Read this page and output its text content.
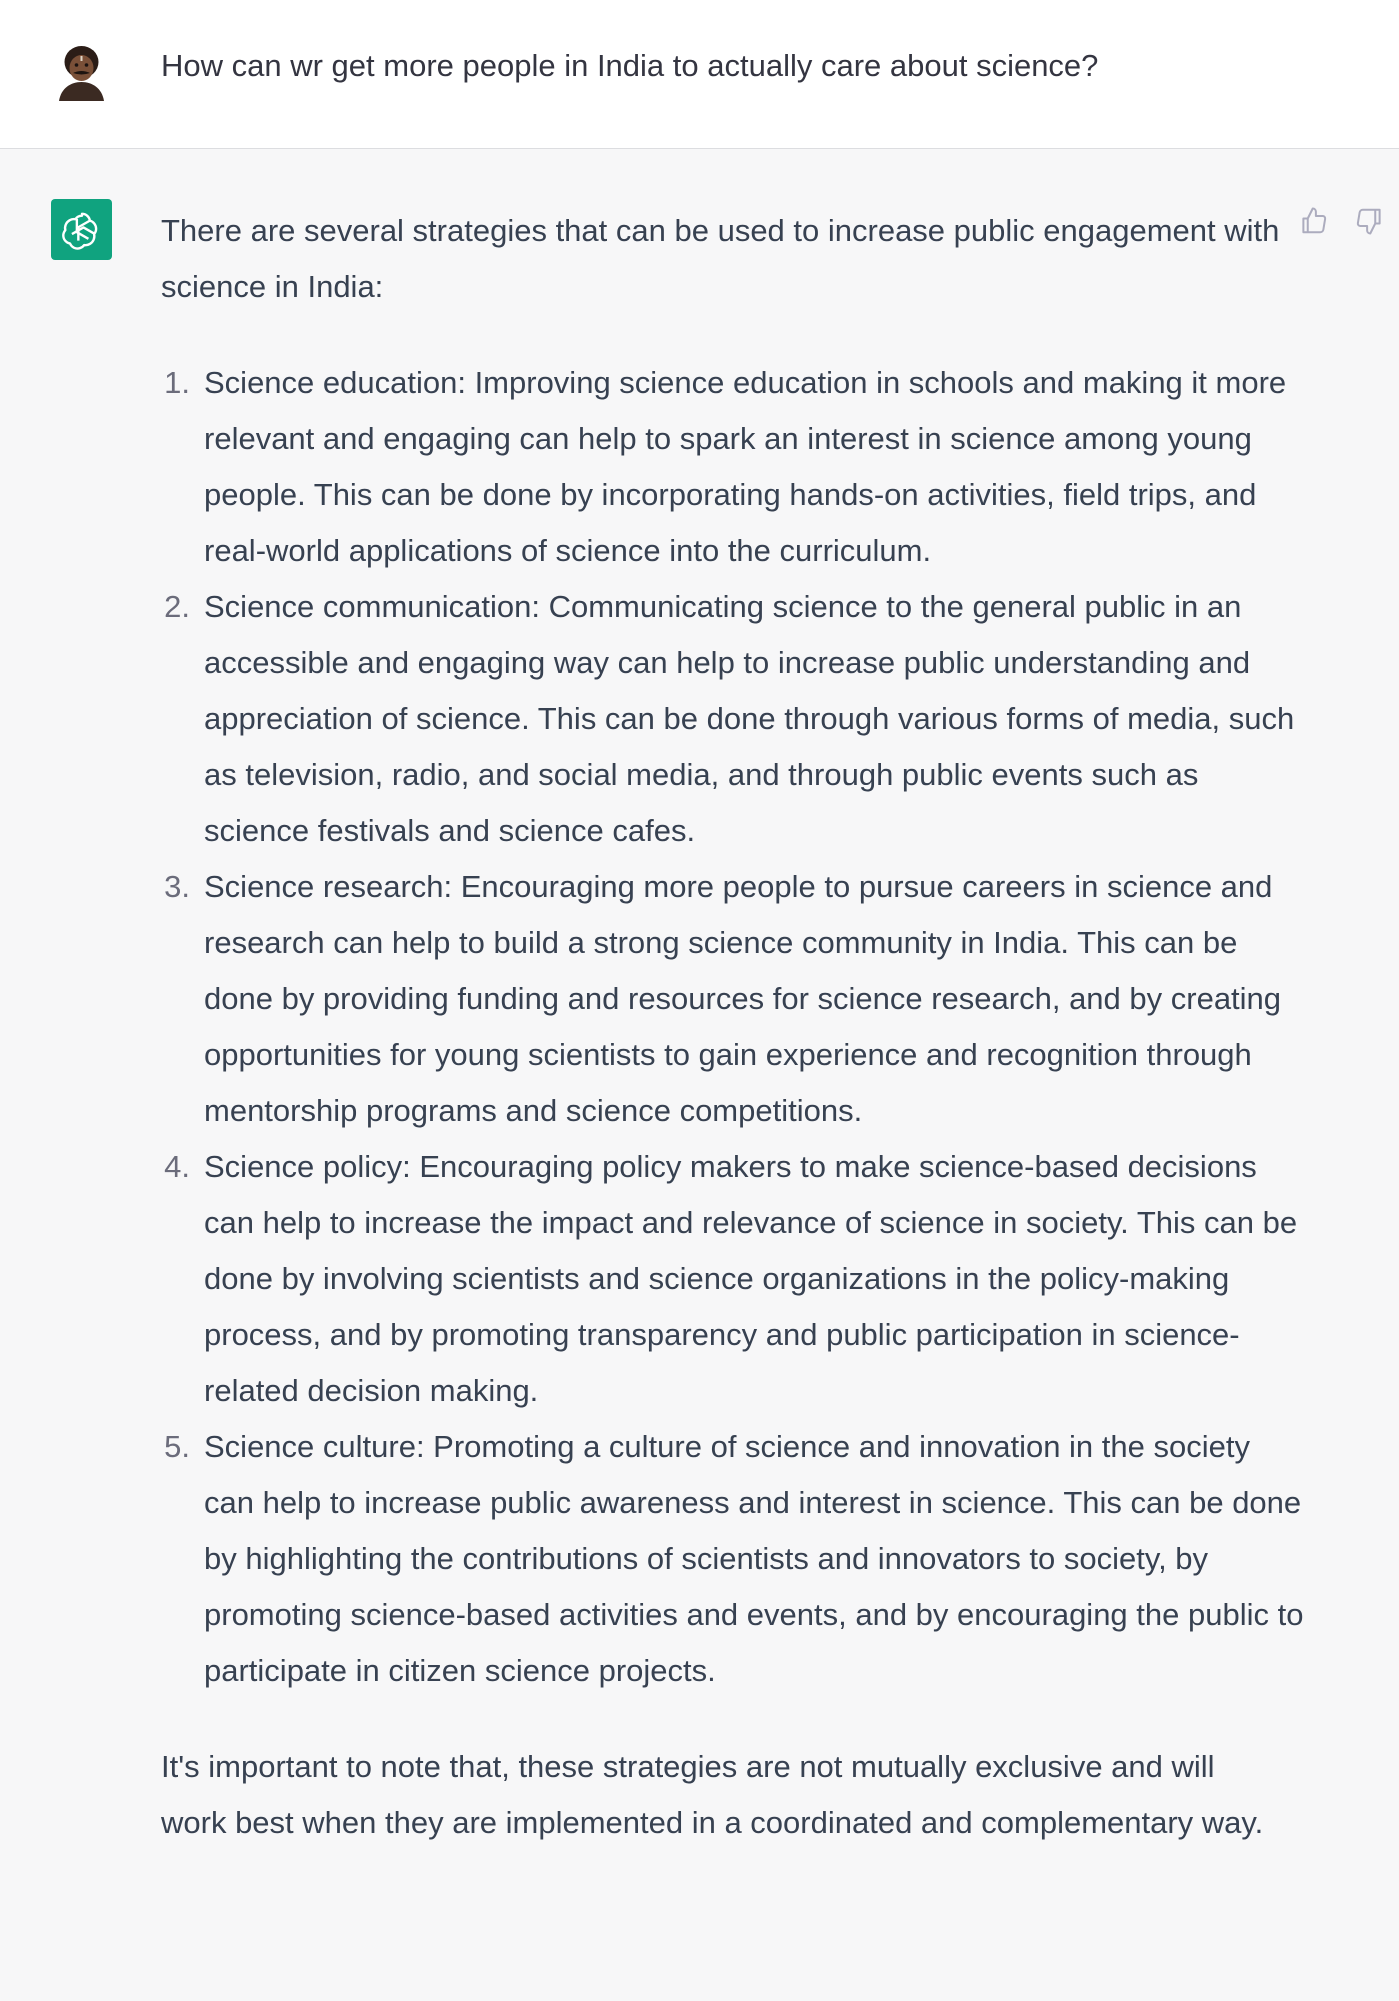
How can wr get more people in India to actually care about science?

There are several strategies that can be used to increase public engagement with science in India:

1. Science education: Improving science education in schools and making it more relevant and engaging can help to spark an interest in science among young people. This can be done by incorporating hands-on activities, field trips, and real-world applications of science into the curriculum.
2. Science communication: Communicating science to the general public in an accessible and engaging way can help to increase public understanding and appreciation of science. This can be done through various forms of media, such as television, radio, and social media, and through public events such as science festivals and science cafes.
3. Science research: Encouraging more people to pursue careers in science and research can help to build a strong science community in India. This can be done by providing funding and resources for science research, and by creating opportunities for young scientists to gain experience and recognition through mentorship programs and science competitions.
4. Science policy: Encouraging policy makers to make science-based decisions can help to increase the impact and relevance of science in society. This can be done by involving scientists and science organizations in the policy-making process, and by promoting transparency and public participation in science-related decision making.
5. Science culture: Promoting a culture of science and innovation in the society can help to increase public awareness and interest in science. This can be done by highlighting the contributions of scientists and innovators to society, by promoting science-based activities and events, and by encouraging the public to participate in citizen science projects.

It's important to note that, these strategies are not mutually exclusive and will work best when they are implemented in a coordinated and complementary way.
